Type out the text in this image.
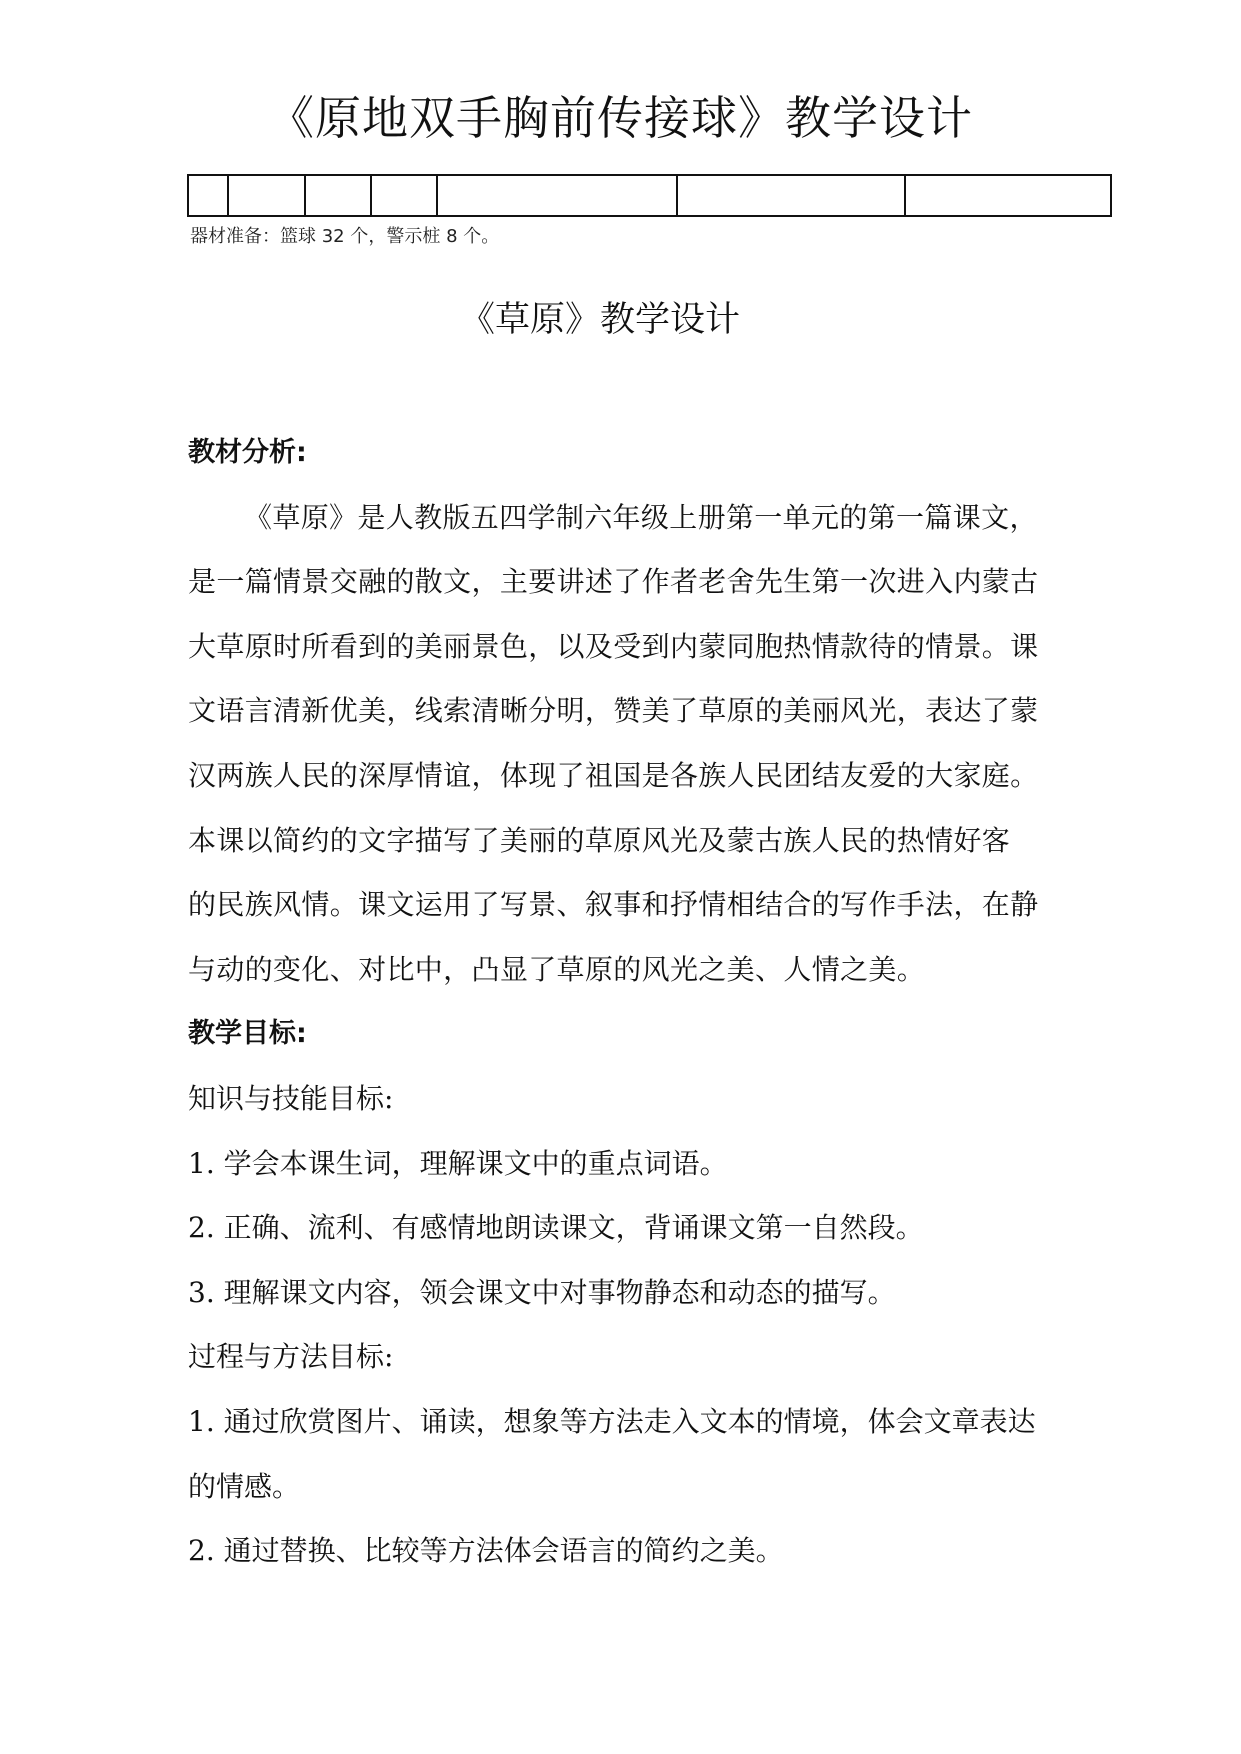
《原地双手胸前传接球》教学设计

器材准备：篮球 32 个，警示桩 8 个。

《草原》教学设计
教材分析:

《草原》是人教版五四学制六年级上册第一单元的第一篇课文，

是一篇情景交融的散文，主要讲述了作者老舍先生第一次进入内蒙古

大草原时所看到的美丽景色，以及受到内蒙同胞热情款待的情景。课

文语言清新优美，线索清晰分明，赞美了草原的美丽风光，表达了蒙

汉两族人民的深厚情谊，体现了祖国是各族人民团结友爱的大家庭。

本课以简约的文字描写了美丽的草原风光及蒙古族人民的热情好客

的民族风情。课文运用了写景、叙事和抒情相结合的写作手法，在静

与动的变化、对比中，凸显了草原的风光之美、人情之美。

教学目标:

知识与技能目标:

1. 学会本课生词，理解课文中的重点词语。

2. 正确、流利、有感情地朗读课文，背诵课文第一自然段。

3. 理解课文内容，领会课文中对事物静态和动态的描写。

过程与方法目标:

1. 通过欣赏图片、诵读，想象等方法走入文本的情境，体会文章表达

的情感。

2. 通过替换、比较等方法体会语言的简约之美。
